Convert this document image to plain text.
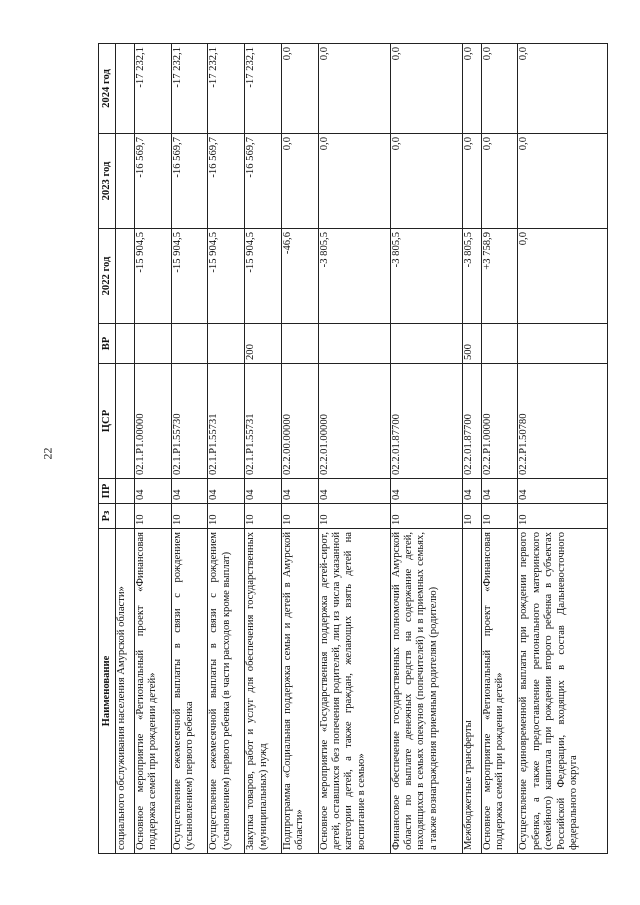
22
Наименование	Рз	ПР	ЦСР	ВР	2022 год	2023 год	2024 год
социального обслуживания населения Амурской области»							
Основное мероприятие «Региональный проект «Финансовая поддержка семей при рождении детей»	10	04	02.1.P1.00000		-15 904,5	-16 569,7	-17 232,1
Осуществление ежемесячной выплаты в связи с рождением (усыновлением) первого ребенка	10	04	02.1.P1.55730		-15 904,5	-16 569,7	-17 232,1
Осуществление ежемесячной выплаты в связи с рождением (усыновлением) первого ребенка (в части расходов кроме выплат)	10	04	02.1.P1.55731		-15 904,5	-16 569,7	-17 232,1
Закупка товаров, работ и услуг для обеспечения государственных (муниципальных) нужд	10	04	02.1.P1.55731	200	-15 904,5	-16 569,7	-17 232,1
Подпрограмма «Социальная поддержка семьи и детей в Амурской области»	10	04	02.2.00.00000		-46,6	0,0	0,0
Основное мероприятие «Государственная поддержка детей-сирот, детей, оставшихся без попечения родителей, лиц из числа указанной категории детей, а также граждан, желающих взять детей на воспитание в семью»	10	04	02.2.01.00000		-3 805,5	0,0	0,0
Финансовое обеспечение государственных полномочий Амурской области по выплате денежных средств на содержание детей, находящихся в семьях опекунов (попечителей) и в приемных семьях, а также вознаграждения приемным родителям (родителю)	10	04	02.2.01.87700		-3 805,5	0,0	0,0
Межбюджетные трансферты	10	04	02.2.01.87700	500	-3 805,5	0,0	0,0
Основное мероприятие «Региональный проект «Финансовая поддержка семей при рождении детей»	10	04	02.2.P1.00000		+3 758,9	0,0	0,0
Осуществление единовременной выплаты при рождении первого ребенка, а также предоставление регионального материнского (семейного) капитала при рождении второго ребенка в субъектах Российской Федерации, входящих в состав Дальневосточного федерального округа	10	04	02.2.P1.50780		0,0	0,0	0,0
